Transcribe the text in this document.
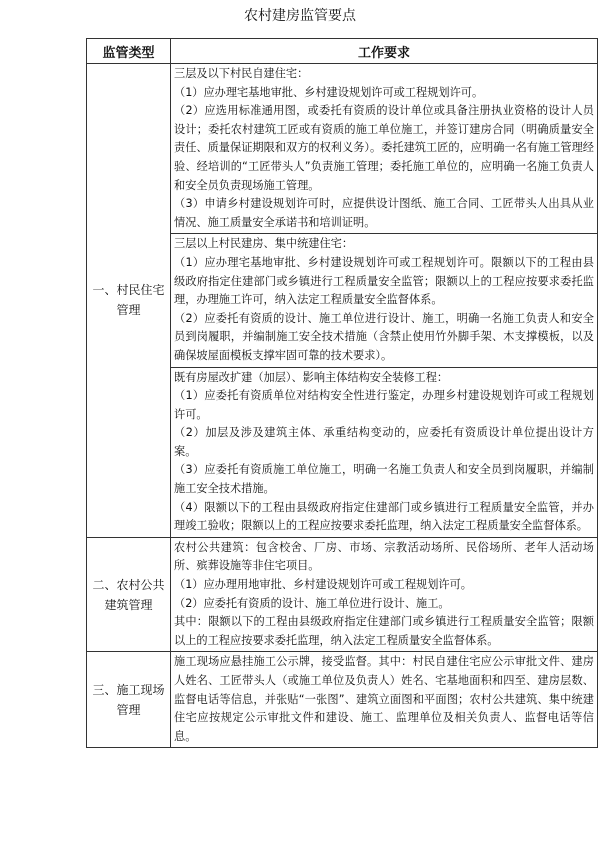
农村建房监管要点
监管类型	工作要求
一、村民住宅管理	三层及以下村民自建住宅：

（1）应办理宅基地审批、乡村建设规划许可或工程规划许可。

（2）应选用标准通用图，或委托有资质的设计单位或具备注册执业资格的设计人员设计；委托农村建筑工匠或有资质的施工单位施工，并签订建房合同（明确质量安全责任、质量保证期限和双方的权利义务）。委托建筑工匠的，应明确一名有施工管理经验、经培训的“工匠带头人”负责施工管理；委托施工单位的，应明确一名施工负责人和安全员负责现场施工管理。

（3）申请乡村建设规划许可时，应提供设计图纸、施工合同、工匠带头人出具从业情况、施工质量安全承诺书和培训证明。

	三层以上村民建房、集中统建住宅：

（1）应办理宅基地审批、乡村建设规划许可或工程规划许可。限额以下的工程由县级政府指定住建部门或乡镇进行工程质量安全监管；限额以上的工程应按要求委托监理，办理施工许可，纳入法定工程质量安全监督体系。

（2）应委托有资质的设计、施工单位进行设计、施工，明确一名施工负责人和安全员到岗履职，并编制施工安全技术措施（含禁止使用竹外脚手架、木支撑模板，以及确保坡屋面模板支撑牢固可靠的技术要求）。

	既有房屋改扩建（加层）、影响主体结构安全装修工程：

（1）应委托有资质单位对结构安全性进行鉴定，办理乡村建设规划许可或工程规划许可。

（2）加层及涉及建筑主体、承重结构变动的，应委托有资质设计单位提出设计方案。

（3）应委托有资质施工单位施工，明确一名施工负责人和安全员到岗履职，并编制施工安全技术措施。

（4）限额以下的工程由县级政府指定住建部门或乡镇进行工程质量安全监管，并办理竣工验收；限额以上的工程应按要求委托监理，纳入法定工程质量安全监督体系。

二、农村公共建筑管理	农村公共建筑：包含校舍、厂房、市场、宗教活动场所、民俗场所、老年人活动场所、殡葬设施等非住宅项目。

（1）应办理用地审批、乡村建设规划许可或工程规划许可。

（2）应委托有资质的设计、施工单位进行设计、施工。

其中：限额以下的工程由县级政府指定住建部门或乡镇进行工程质量安全监管；限额以上的工程应按要求委托监理，纳入法定工程质量安全监督体系。

三、施工现场管理	施工现场应悬挂施工公示牌，接受监督。其中：村民自建住宅应公示审批文件、建房人姓名、工匠带头人（或施工单位及负责人）姓名、宅基地面积和四至、建房层数、监督电话等信息，并张贴“一张图”、建筑立面图和平面图；农村公共建筑、集中统建住宅应按规定公示审批文件和建设、施工、监理单位及相关负责人、监督电话等信息。
